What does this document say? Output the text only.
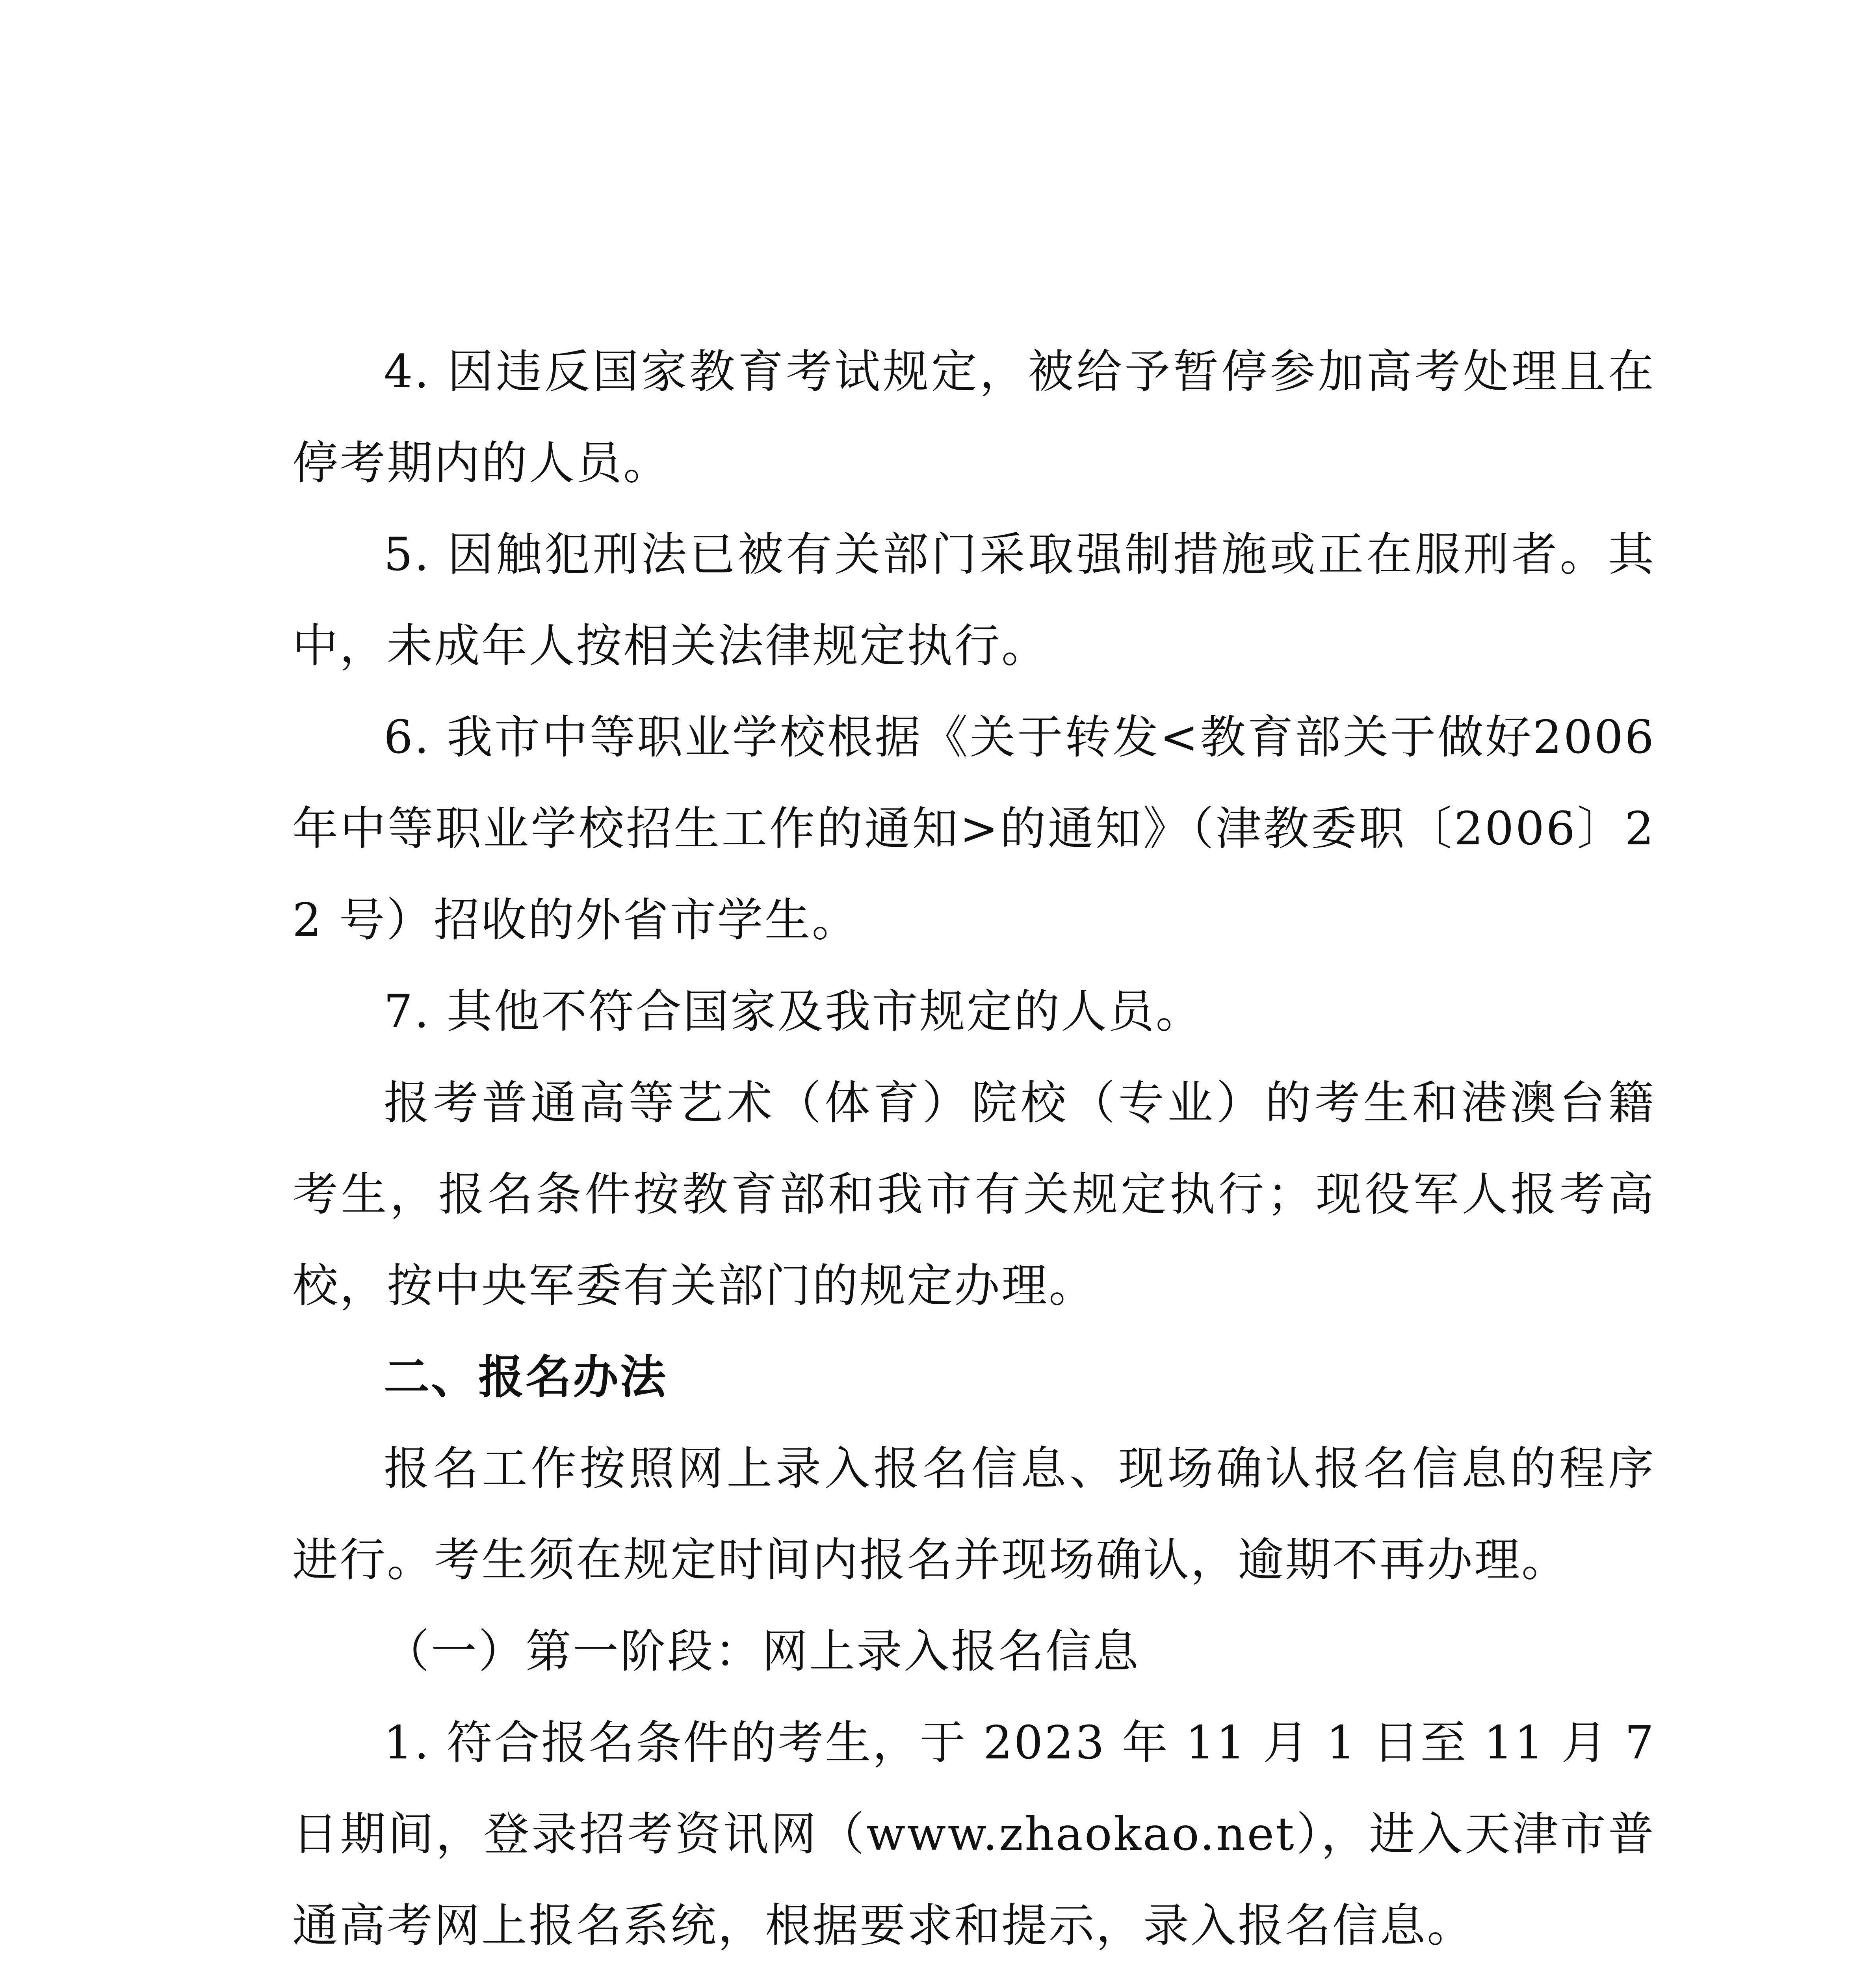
4. 因违反国家教育考试规定，被给予暂停参加高考处理且在停考期内的人员。

5. 因触犯刑法已被有关部门采取强制措施或正在服刑者。其中，未成年人按相关法律规定执行。

6. 我市中等职业学校根据《关于转发<教育部关于做好2006 年中等职业学校招生工作的通知>的通知》（津教委职〔2006〕22 号）招收的外省市学生。

7. 其他不符合国家及我市规定的人员。

报考普通高等艺术（体育）院校（专业）的考生和港澳台籍考生，报名条件按教育部和我市有关规定执行；现役军人报考高校，按中央军委有关部门的规定办理。

二、报名办法

报名工作按照网上录入报名信息、现场确认报名信息的程序进行。考生须在规定时间内报名并现场确认，逾期不再办理。

（一）第一阶段：网上录入报名信息

1. 符合报名条件的考生，于 2023 年 11 月 1 日至 11 月 7 日期间，登录招考资讯网（www.zhaokao.net），进入天津市普通高考网上报名系统，根据要求和提示，录入报名信息。
